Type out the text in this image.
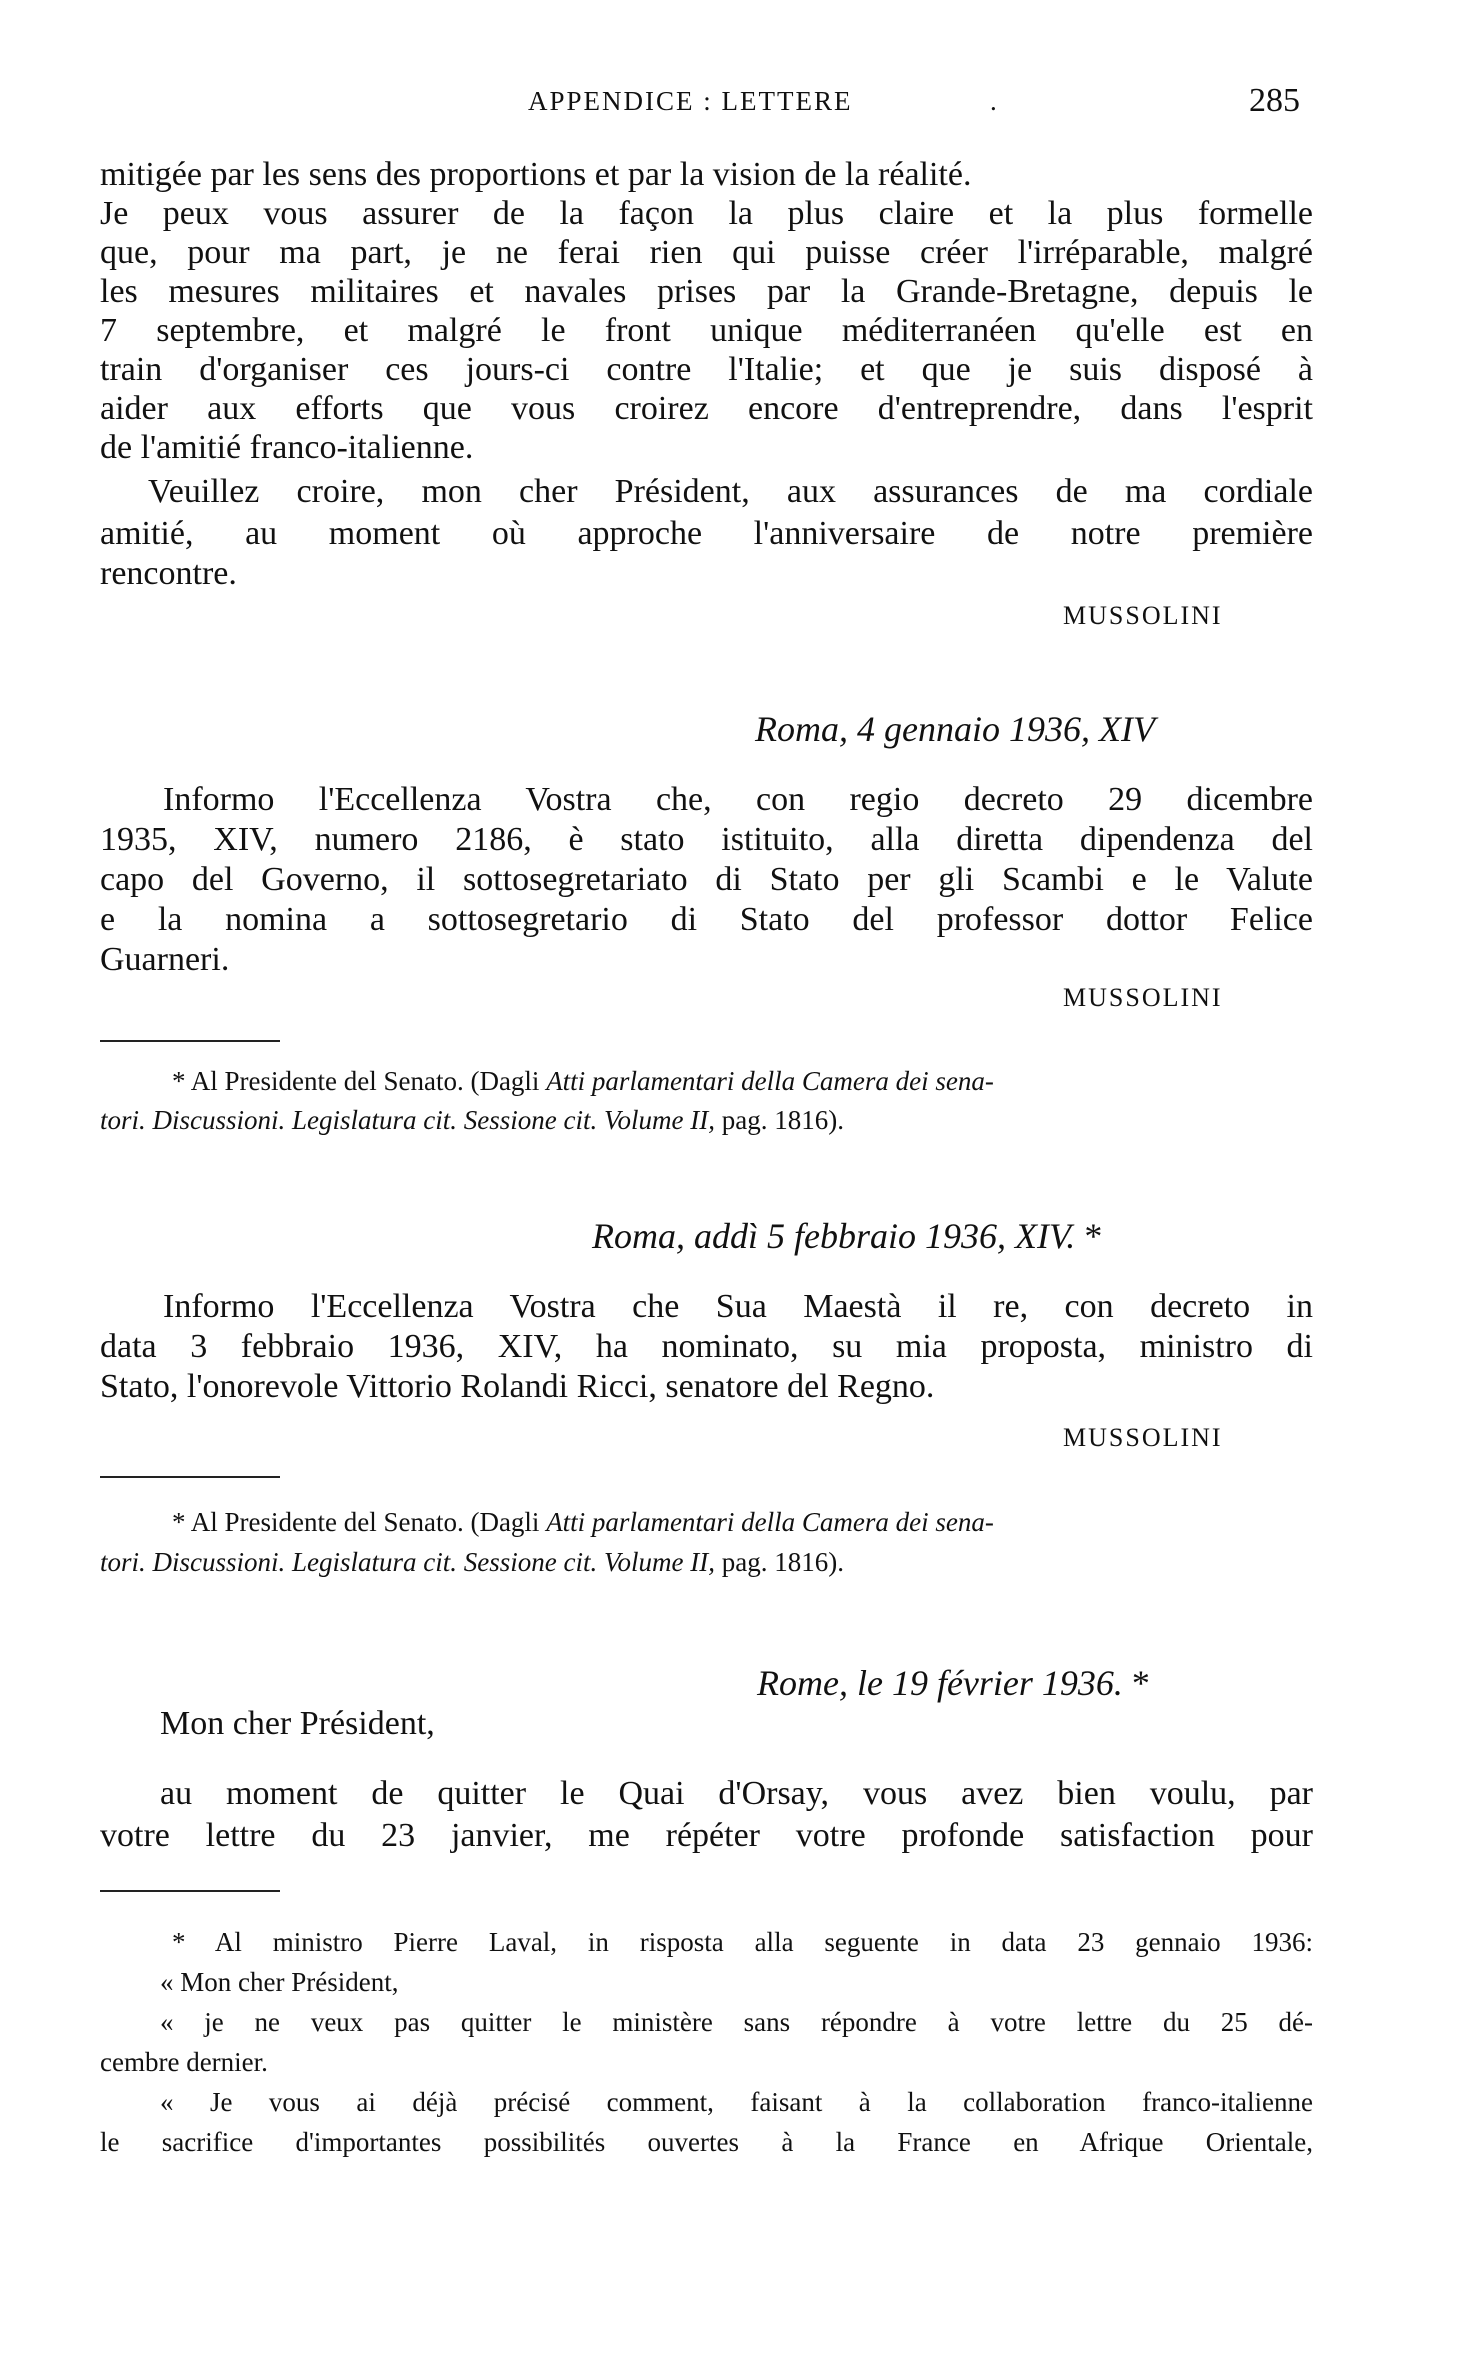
APPENDICE : LETTERE	.	285
mitigée par les sens des proportions et par la vision de la réalité.
Je peux vous assurer de la façon la plus claire et la plus formelle
que, pour ma part, je ne ferai rien qui puisse créer l'irréparable, malgré
les mesures militaires et navales prises par la Grande-Bretagne, depuis le
7 septembre, et malgré le front unique méditerranéen qu'elle est en
train d'organiser ces jours-ci contre l'Italie; et que je suis disposé à
aider aux efforts que vous croirez encore d'entreprendre, dans l'esprit
de l'amitié franco-italienne.
Veuillez croire, mon cher Président, aux assurances de ma cordiale
amitié, au moment où approche l'anniversaire de notre première
rencontre.
MUSSOLINI
Roma, 4 gennaio 1936, XIV
Informo l'Eccellenza Vostra che, con regio decreto 29 dicembre
1935, XIV, numero 2186, è stato istituito, alla diretta dipendenza del
capo del Governo, il sottosegretariato di Stato per gli Scambi e le Valute
e la nomina a sottosegretario di Stato del professor dottor Felice
Guarneri.
MUSSOLINI
* Al Presidente del Senato. (Dagli Atti parlamentari della Camera dei sena-
tori. Discussioni. Legislatura cit. Sessione cit. Volume II, pag. 1816).
Roma, addì 5 febbraio 1936, XIV. *
Informo l'Eccellenza Vostra che Sua Maestà il re, con decreto in
data 3 febbraio 1936, XIV, ha nominato, su mia proposta, ministro di
Stato, l'onorevole Vittorio Rolandi Ricci, senatore del Regno.
MUSSOLINI
* Al Presidente del Senato. (Dagli Atti parlamentari della Camera dei sena-
tori. Discussioni. Legislatura cit. Sessione cit. Volume II, pag. 1816).
Rome, le 19 février 1936. *
Mon cher Président,
au moment de quitter le Quai d'Orsay, vous avez bien voulu, par
votre lettre du 23 janvier, me répéter votre profonde satisfaction pour
* Al ministro Pierre Laval, in risposta alla seguente in data 23 gennaio 1936:
« Mon cher Président,
« je ne veux pas quitter le ministère sans répondre à votre lettre du 25 dé-
cembre dernier.
« Je vous ai déjà précisé comment, faisant à la collaboration franco-italienne
le sacrifice d'importantes possibilités ouvertes à la France en Afrique Orientale,
